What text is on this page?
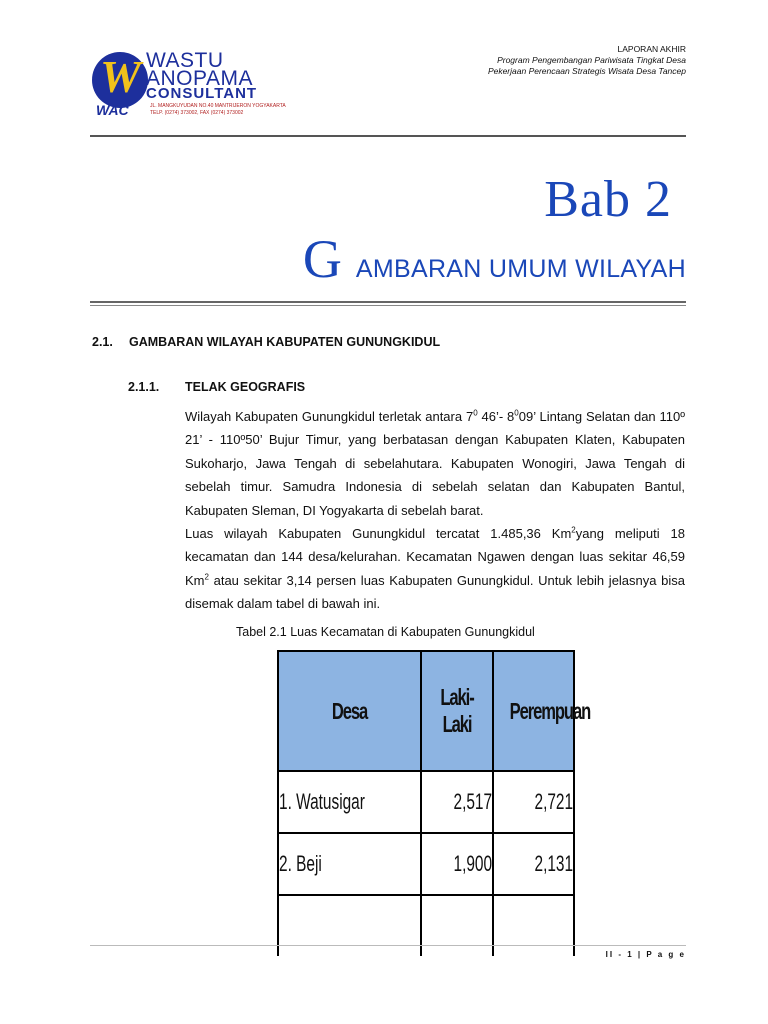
W WASTU
ANOPAMA
CONSULTANT
WAC	JL. MANGKUYUDAN NO.40 MANTRIJERON YOGYAKARTA
TELP. (0274) 373002, FAX (0274) 373002
LAPORAN AKHIR
Program Pengembangan Pariwisata Tingkat Desa
Pekerjaan Perencaan Strategis Wisata Desa Tancep
Bab 2
GAMBARAN UMUM WILAYAH
2.1. GAMBARAN WILAYAH KABUPATEN GUNUNGKIDUL
2.1.1. TELAK GEOGRAFIS

Wilayah Kabupaten Gunungkidul terletak antara $7^0$ 46’- $8^009$’ Lintang Selatan dan 110º 21’ - 110º50’ Bujur Timur, yang berbatasan dengan Kabupaten Klaten, Kabupaten Sukoharjo, Jawa Tengah di sebelahutara. Kabupaten Wonogiri, Jawa Tengah di sebelah timur. Samudra Indonesia di sebelah selatan dan Kabupaten Bantul, Kabupaten Sleman, DI Yogyakarta di sebelah barat.

Luas wilayah Kabupaten Gunungkidul tercatat 1.485,36 Km$^2$yang meliputi 18 kecamatan dan 144 desa/kelurahan. Kecamatan Ngawen dengan luas sekitar 46,59 Km$^2$ atau sekitar 3,14 persen luas Kabupaten Gunungkidul. Untuk lebih jelasnya bisa disemak dalam tabel di bawah ini.

Tabel 2.1 Luas Kecamatan di Kabupaten Gunungkidul
Desa	Laki-Laki	Perempuan
1. Watusigar	2,517	2,721
2. Beji	1,900	2,131

II - 1 | P a g e
